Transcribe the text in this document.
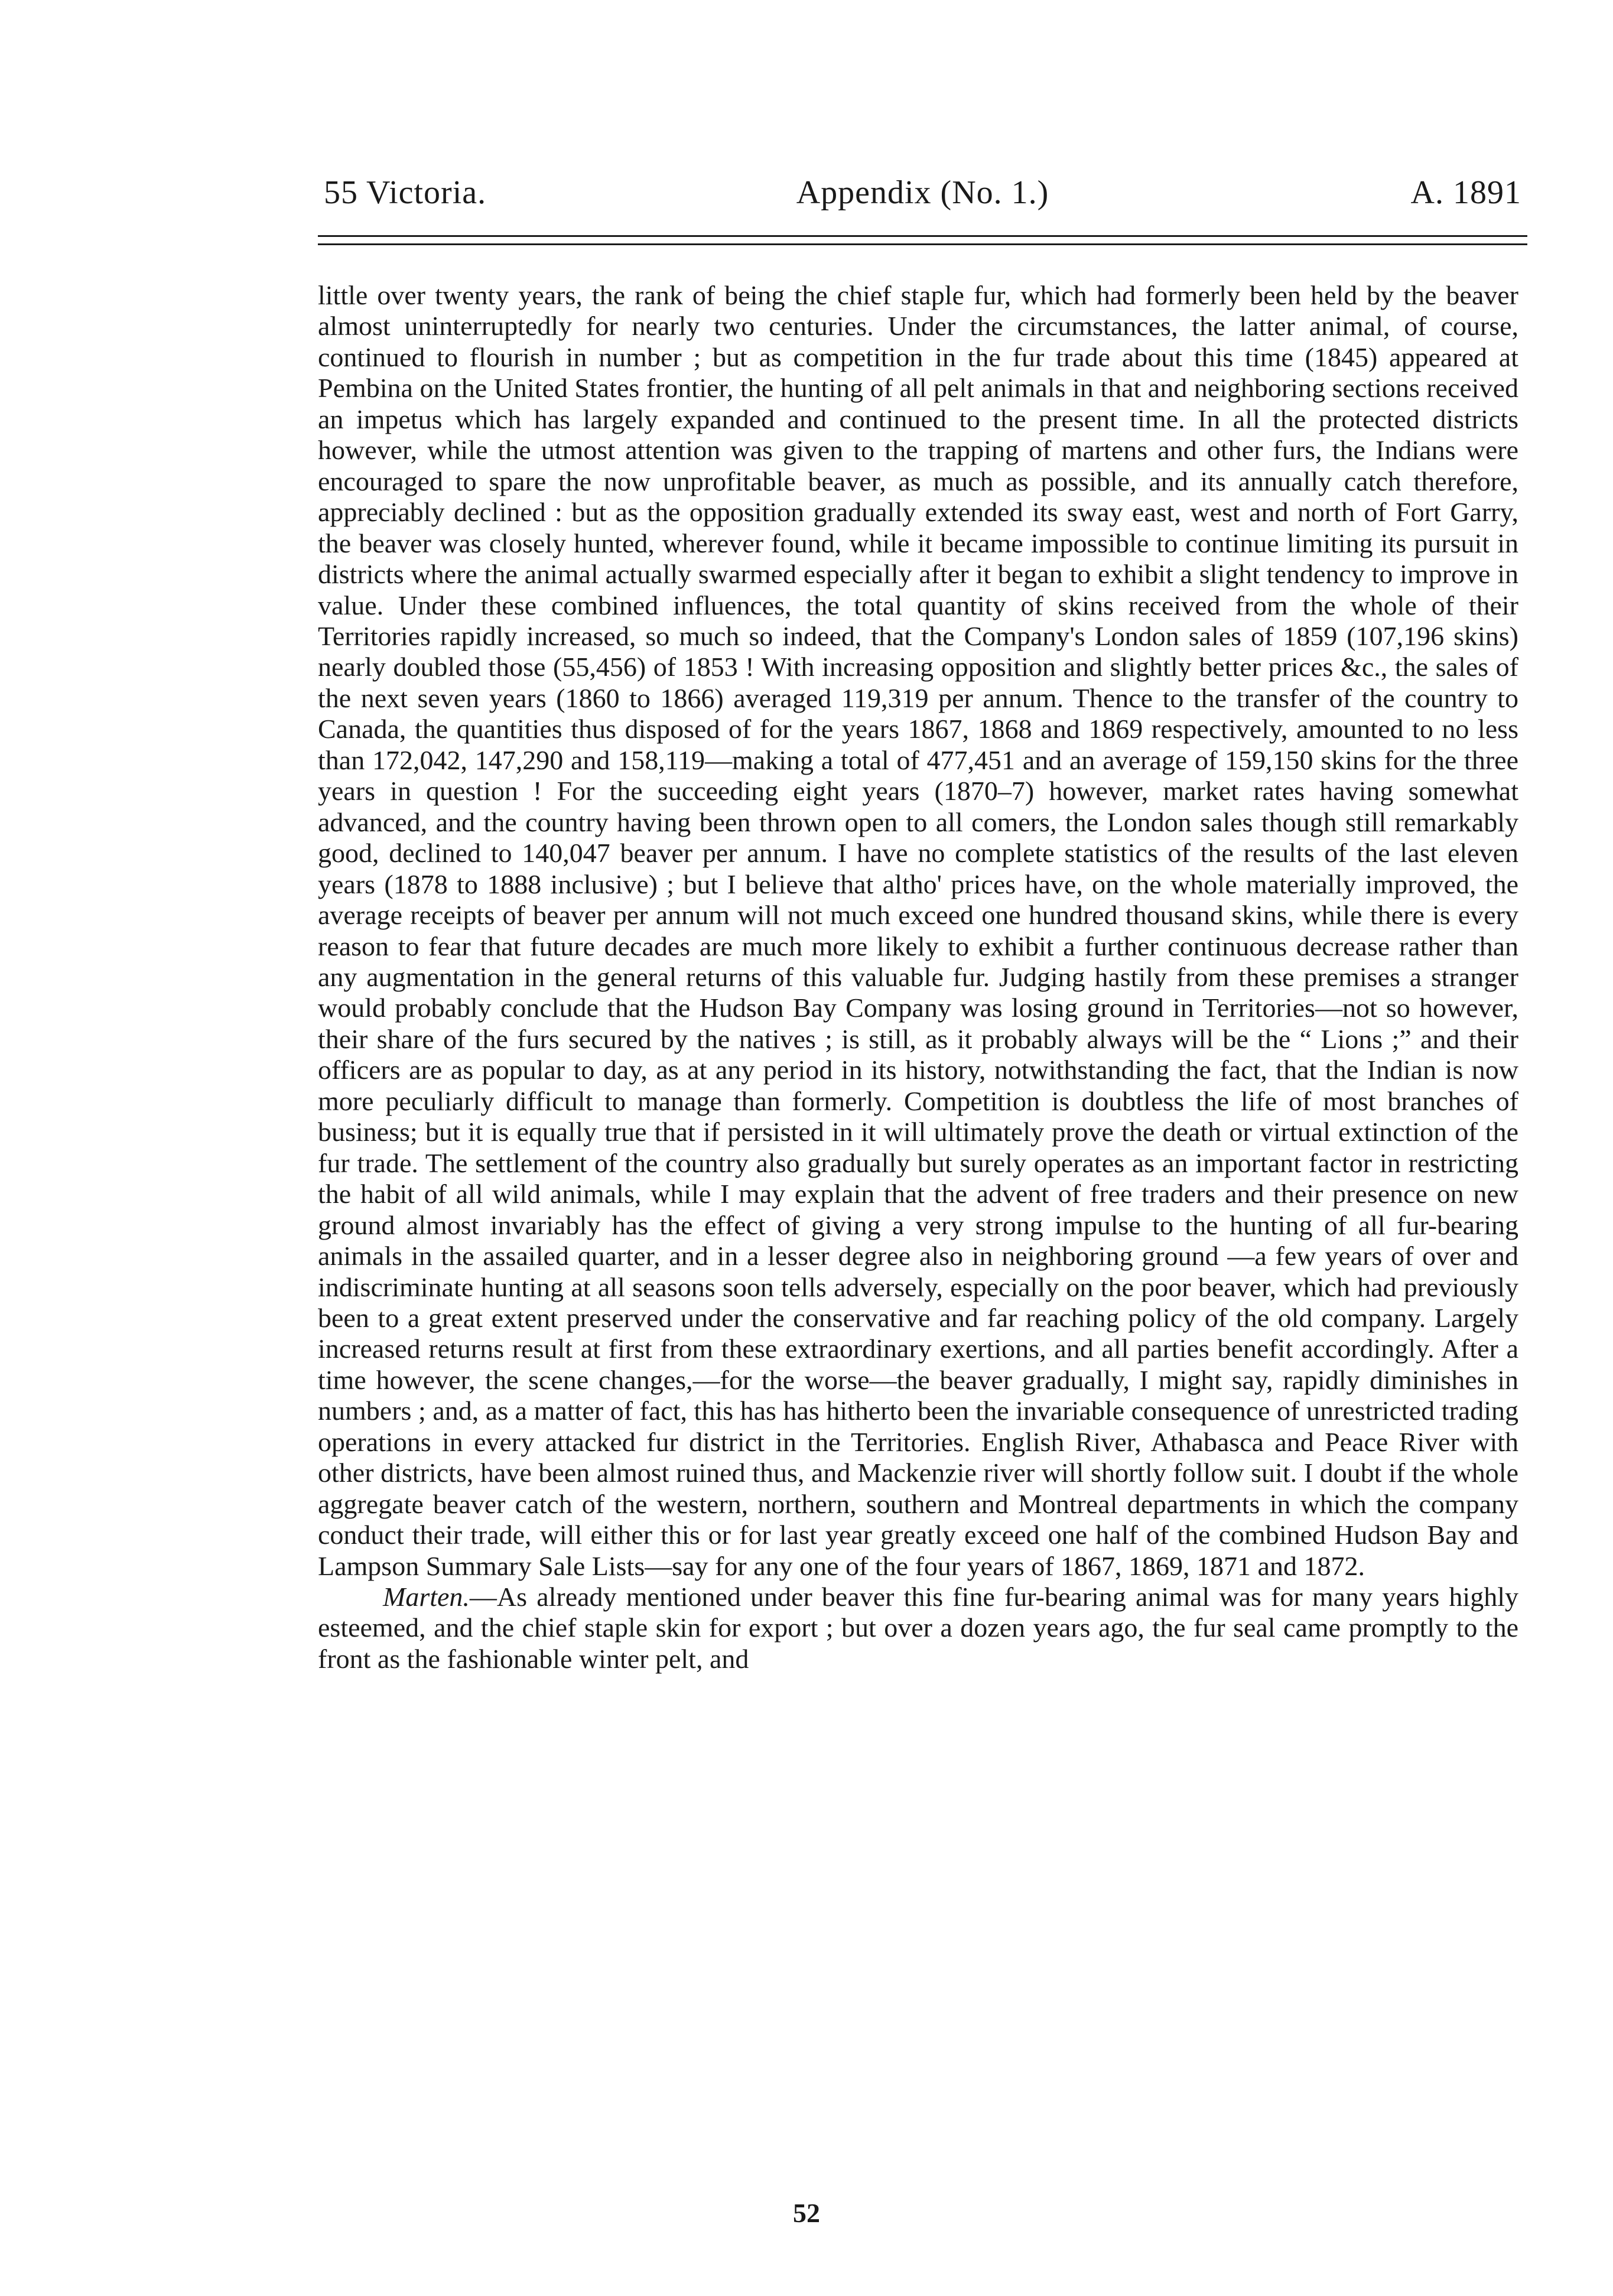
55 Victoria.	Appendix (No. 1.)	A. 1891

little over twenty years, the rank of being the chief staple fur, which had formerly been held by the beaver almost uninterruptedly for nearly two centuries. Under the circumstances, the latter animal, of course, continued to flourish in number ; but as competition in the fur trade about this time (1845) appeared at Pembina on the United States frontier, the hunting of all pelt animals in that and neighboring sections received an impetus which has largely expanded and continued to the present time. In all the protected districts however, while the utmost attention was given to the trapping of martens and other furs, the Indians were encouraged to spare the now unprofitable beaver, as much as possible, and its annually catch therefore, appreciably declined : but as the opposition gradually extended its sway east, west and north of Fort Garry, the beaver was closely hunted, wherever found, while it became impossible to continue limiting its pursuit in districts where the animal actually swarmed especially after it began to exhibit a slight tendency to improve in value. Under these combined influences, the total quantity of skins received from the whole of their Territories rapidly increased, so much so indeed, that the Company's London sales of 1859 (107,196 skins) nearly doubled those (55,456) of 1853 ! With increasing opposition and slightly better prices &c., the sales of the next seven years (1860 to 1866) averaged 119,319 per annum. Thence to the transfer of the country to Canada, the quantities thus disposed of for the years 1867, 1868 and 1869 respectively, amounted to no less than 172,042, 147,290 and 158,119—making a total of 477,451 and an average of 159,150 skins for the three years in question ! For the succeeding eight years (1870–7) however, market rates having somewhat advanced, and the country having been thrown open to all comers, the London sales though still remarkably good, declined to 140,047 beaver per annum. I have no complete statistics of the results of the last eleven years (1878 to 1888 inclusive) ; but I believe that altho' prices have, on the whole materially improved, the average receipts of beaver per annum will not much exceed one hundred thousand skins, while there is every reason to fear that future decades are much more likely to exhibit a further continuous decrease rather than any augmentation in the general returns of this valuable fur. Judging hastily from these premises a stranger would probably conclude that the Hudson Bay Company was losing ground in Territories—not so however, their share of the furs secured by the natives ; is still, as it probably always will be the “ Lions ;” and their officers are as popular to day, as at any period in its history, notwithstanding the fact, that the Indian is now more peculiarly difficult to manage than formerly. Competition is doubtless the life of most branches of business; but it is equally true that if persisted in it will ultimately prove the death or virtual extinction of the fur trade. The settlement of the country also gradually but surely operates as an important factor in restricting the habit of all wild animals, while I may explain that the advent of free traders and their presence on new ground almost invariably has the effect of giving a very strong impulse to the hunting of all fur-bearing animals in the assailed quarter, and in a lesser degree also in neighboring ground —a few years of over and indiscriminate hunting at all seasons soon tells adversely, especially on the poor beaver, which had previously been to a great extent preserved under the conservative and far reaching policy of the old company. Largely increased returns result at first from these extraordinary exertions, and all parties benefit accordingly. After a time however, the scene changes,—for the worse—the beaver gradually, I might say, rapidly diminishes in numbers ; and, as a matter of fact, this has has hitherto been the invariable consequence of unrestricted trading operations in every attacked fur district in the Territories. English River, Athabasca and Peace River with other districts, have been almost ruined thus, and Mackenzie river will shortly follow suit. I doubt if the whole aggregate beaver catch of the western, northern, southern and Montreal departments in which the company conduct their trade, will either this or for last year greatly exceed one half of the combined Hudson Bay and Lampson Summary Sale Lists—say for any one of the four years of 1867, 1869, 1871 and 1872.

Marten.—As already mentioned under beaver this fine fur-bearing animal was for many years highly esteemed, and the chief staple skin for export ; but over a dozen years ago, the fur seal came promptly to the front as the fashionable winter pelt, and

52
